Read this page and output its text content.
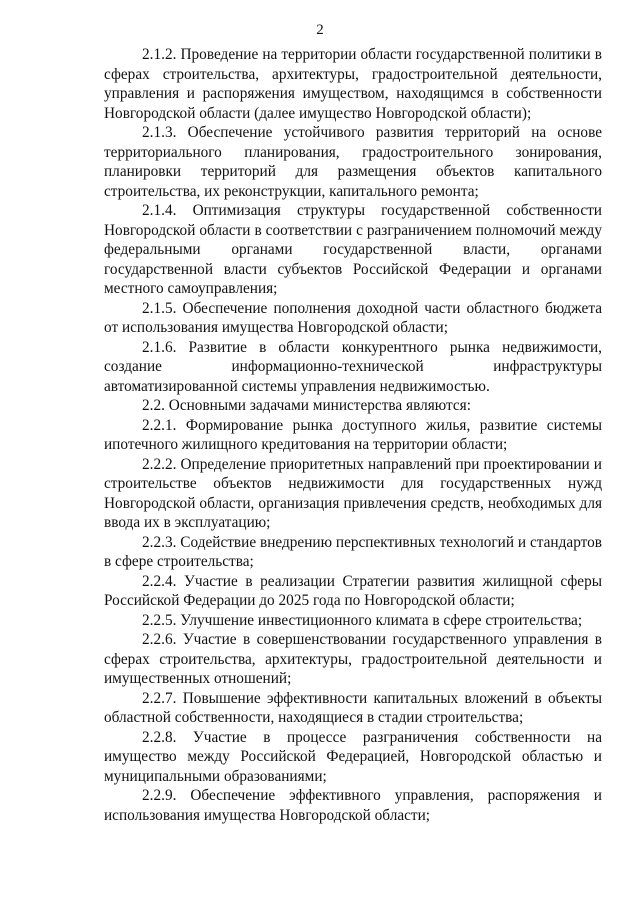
2

2.1.2. Проведение на территории области государственной политики в сферах строительства, архитектуры, градостроительной деятельности, управления и распоряжения имуществом, находящимся в собственности Новгородской области (далее имущество Новгородской области);

2.1.3. Обеспечение устойчивого развития территорий на основе территориального планирования, градостроительного зонирования, планировки территорий для размещения объектов капитального строительства, их реконструкции, капитального ремонта;

2.1.4. Оптимизация структуры государственной собственности Новгородской области в соответствии с разграничением полномочий между федеральными органами государственной власти, органами государственной власти субъектов Российской Федерации и органами местного самоуправления;

2.1.5. Обеспечение пополнения доходной части областного бюджета от использования имущества Новгородской области;

2.1.6. Развитие в области конкурентного рынка недвижимости, создание информационно-технической инфраструктуры автоматизированной системы управления недвижимостью.

2.2. Основными задачами министерства являются:

2.2.1. Формирование рынка доступного жилья, развитие системы ипотечного жилищного кредитования на территории области;

2.2.2. Определение приоритетных направлений при проектировании и строительстве объектов недвижимости для государственных нужд Новгородской области, организация привлечения средств, необходимых для ввода их в эксплуатацию;

2.2.3. Содействие внедрению перспективных технологий и стандартов в сфере строительства;

2.2.4. Участие в реализации Стратегии развития жилищной сферы Российской Федерации до 2025 года по Новгородской области;

2.2.5. Улучшение инвестиционного климата в сфере строительства;

2.2.6. Участие в совершенствовании государственного управления в сферах строительства, архитектуры, градостроительной деятельности и имущественных отношений;

2.2.7. Повышение эффективности капитальных вложений в объекты областной собственности, находящиеся в стадии строительства;

2.2.8. Участие в процессе разграничения собственности на имущество между Российской Федерацией, Новгородской областью и муниципальными образованиями;

2.2.9. Обеспечение эффективного управления, распоряжения и использования имущества Новгородской области;
